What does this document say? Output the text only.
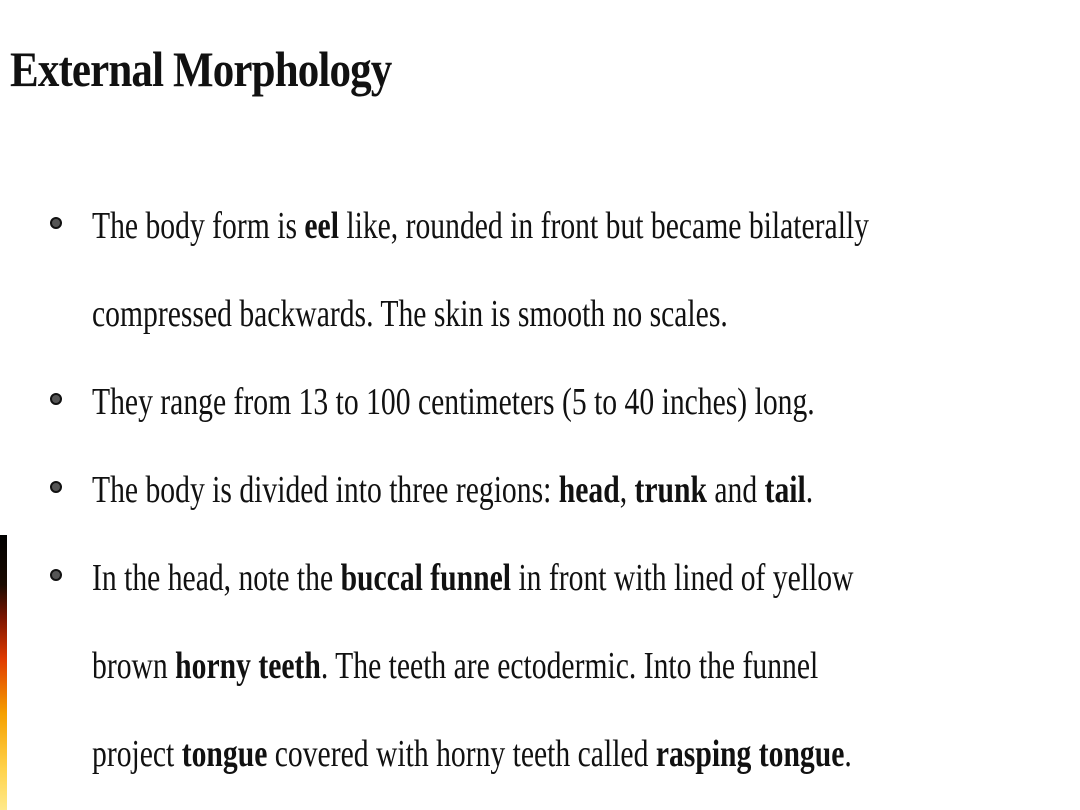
External Morphology
The body form is eel like, rounded in front but became bilaterally
compressed backwards. The skin is smooth no scales.
They range from 13 to 100 centimeters (5 to 40 inches) long.
The body is divided into three regions: head, trunk and tail.
In the head, note the buccal funnel in front with lined of yellow
brown horny teeth. The teeth are ectodermic. Into the funnel
project tongue covered with horny teeth called rasping tongue.
